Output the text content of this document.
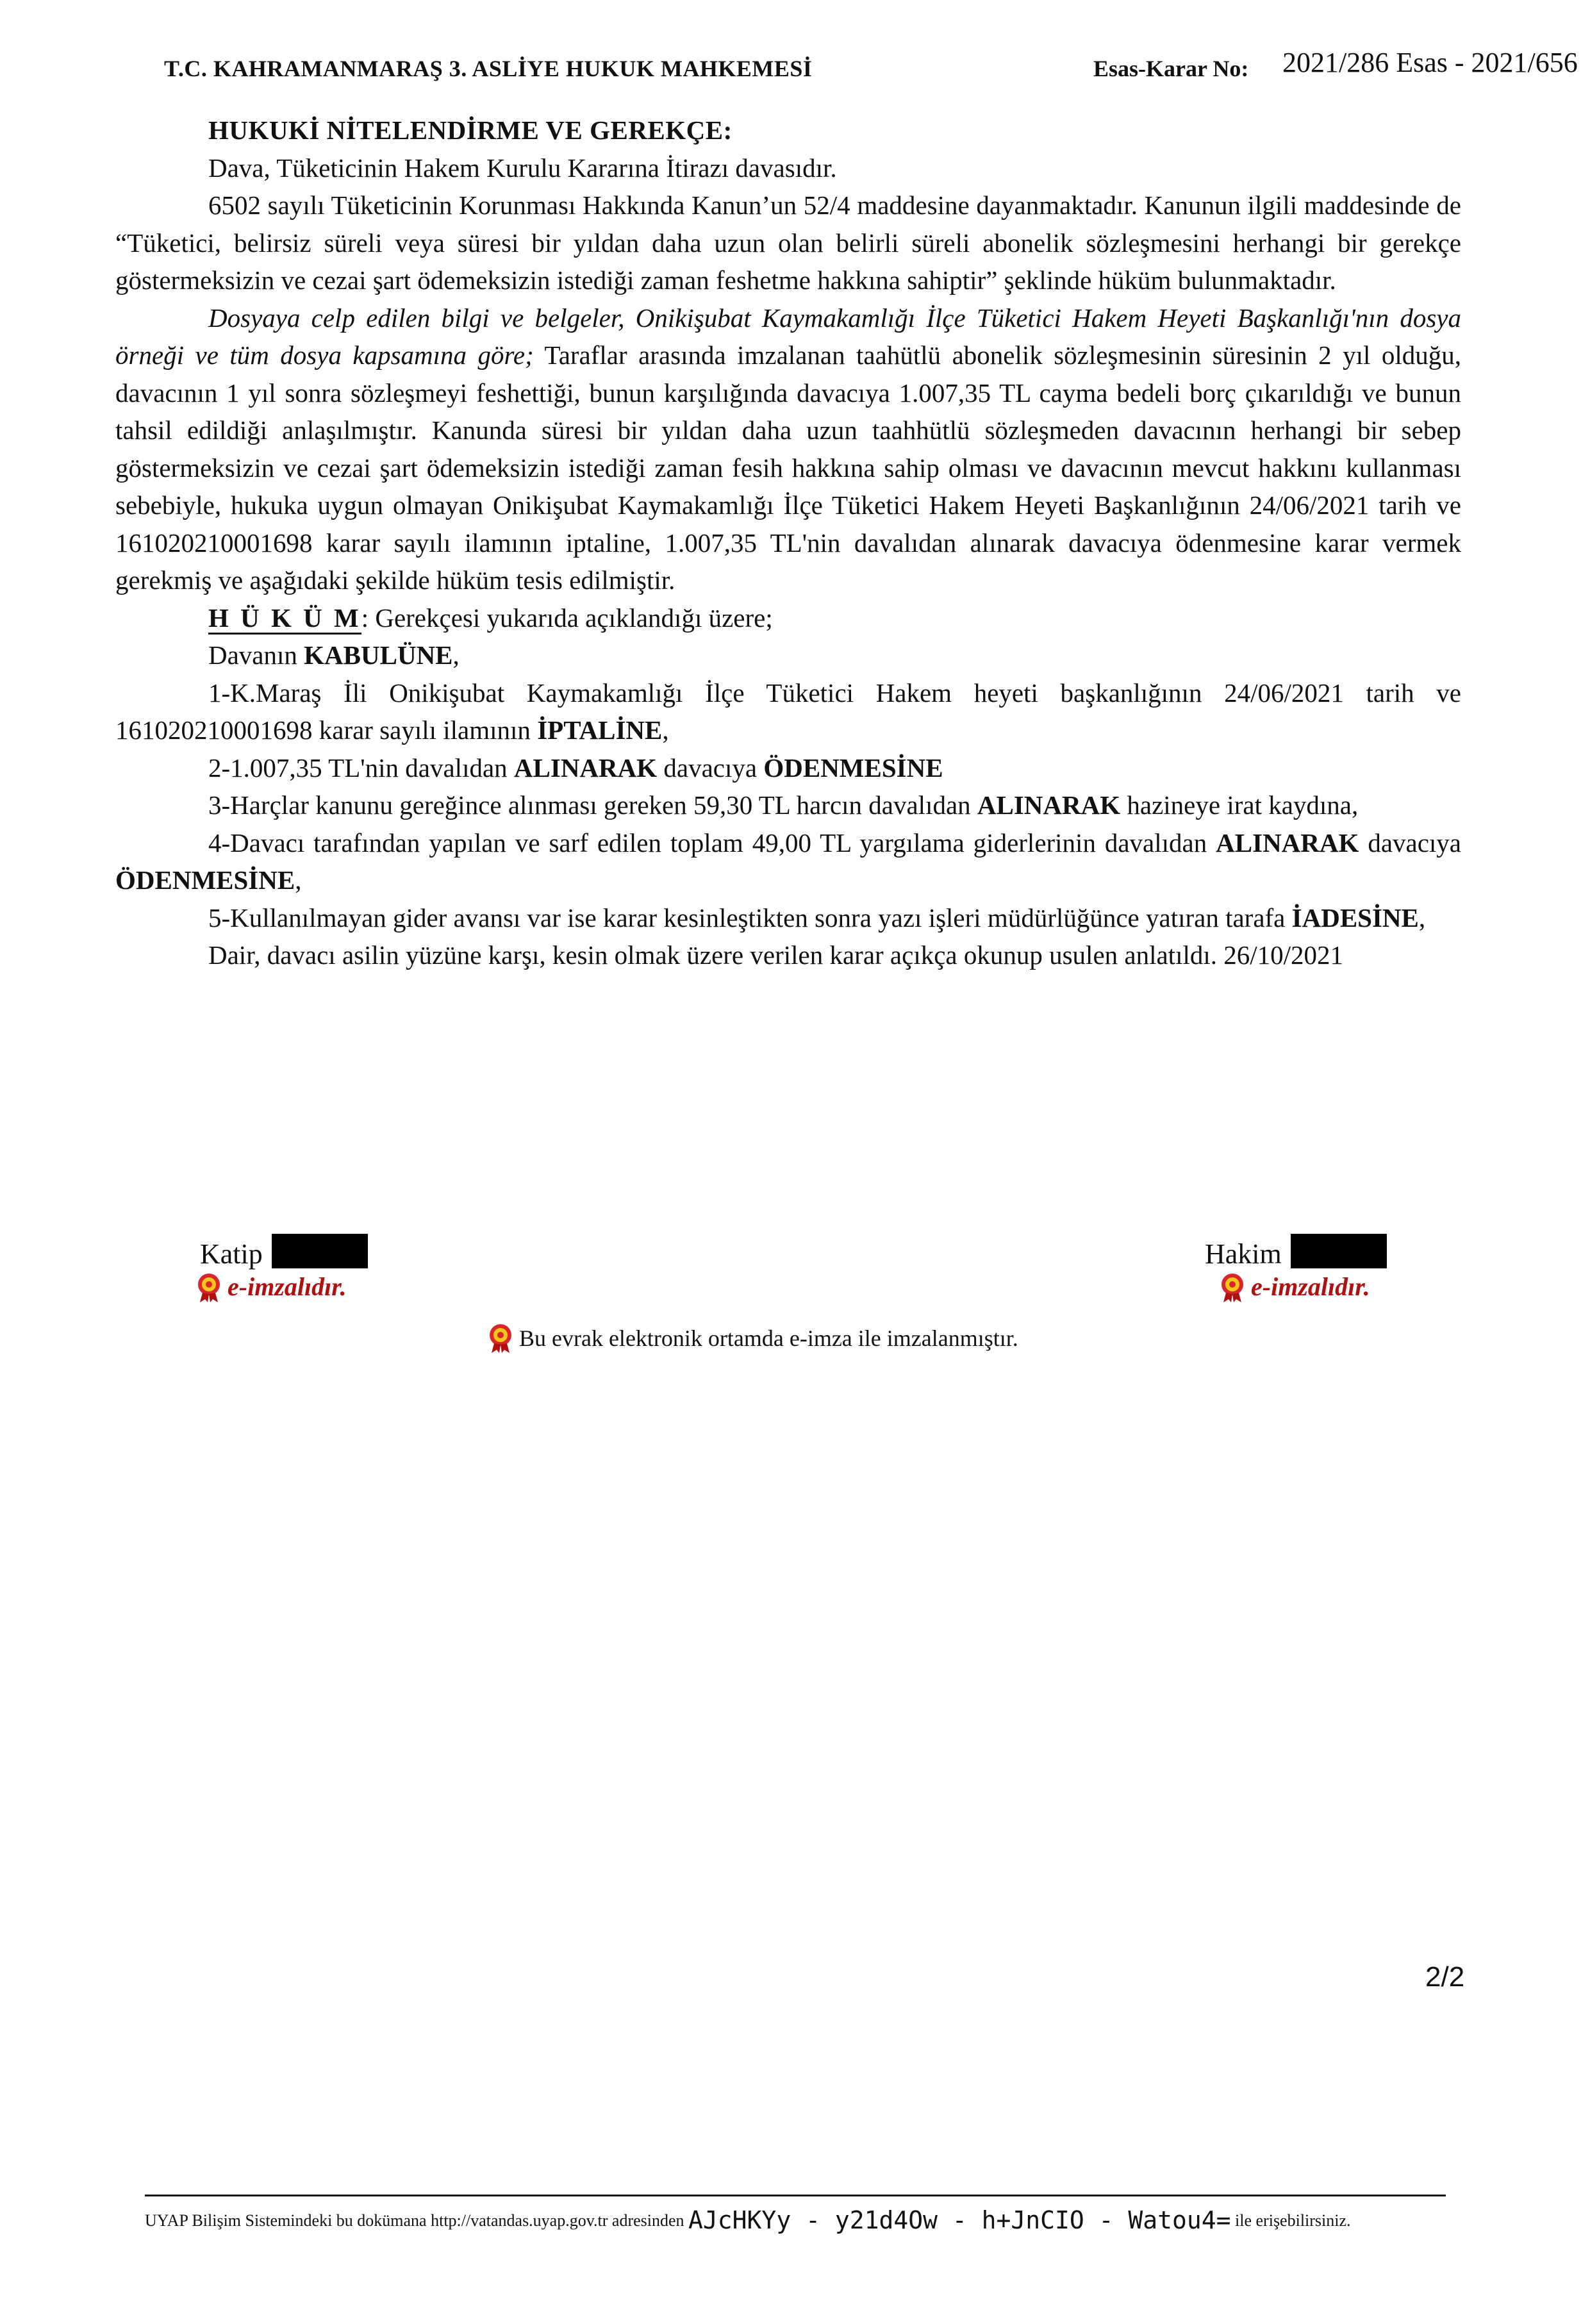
T.C. KAHRAMANMARAŞ 3. ASLİYE HUKUK MAHKEMESİ	Esas-Karar No: 2021/286 Esas - 2021/656

HUKUKİ NİTELENDİRME VE GEREKÇE:

Dava, Tüketicinin Hakem Kurulu Kararına İtirazı davasıdır.

6502 sayılı Tüketicinin Korunması Hakkında Kanun’un 52/4 maddesine dayanmaktadır. Kanunun ilgili maddesinde de “Tüketici, belirsiz süreli veya süresi bir yıldan daha uzun olan belirli süreli abonelik sözleşmesini herhangi bir gerekçe göstermeksizin ve cezai şart ödemeksizin istediği zaman feshetme hakkına sahiptir” şeklinde hüküm bulunmaktadır.

Dosyaya celp edilen bilgi ve belgeler, Onikişubat Kaymakamlığı İlçe Tüketici Hakem Heyeti Başkanlığı'nın dosya örneği ve tüm dosya kapsamına göre; Taraflar arasında imzalanan taahütlü abonelik sözleşmesinin süresinin 2 yıl olduğu, davacının 1 yıl sonra sözleşmeyi feshettiği, bunun karşılığında davacıya 1.007,35 TL cayma bedeli borç çıkarıldığı ve bunun tahsil edildiği anlaşılmıştır. Kanunda süresi bir yıldan daha uzun taahhütlü sözleşmeden davacının herhangi bir sebep göstermeksizin ve cezai şart ödemeksizin istediği zaman fesih hakkına sahip olması ve davacının mevcut hakkını kullanması sebebiyle, hukuka uygun olmayan Onikişubat Kaymakamlığı İlçe Tüketici Hakem Heyeti Başkanlığının 24/06/2021 tarih ve 161020210001698 karar sayılı ilamının iptaline, 1.007,35 TL'nin davalıdan alınarak davacıya ödenmesine karar vermek gerekmiş ve aşağıdaki şekilde hüküm tesis edilmiştir.

H Ü K Ü M: Gerekçesi yukarıda açıklandığı üzere;

Davanın KABULÜNE,

1-K.Maraş İli Onikişubat Kaymakamlığı İlçe Tüketici Hakem heyeti başkanlığının 24/06/2021 tarih ve 161020210001698 karar sayılı ilamının İPTALİNE,

2-1.007,35 TL'nin davalıdan ALINARAK davacıya ÖDENMESİNE

3-Harçlar kanunu gereğince alınması gereken 59,30 TL harcın davalıdan ALINARAK hazineye irat kaydına,

4-Davacı tarafından yapılan ve sarf edilen toplam 49,00 TL yargılama giderlerinin davalıdan ALINARAK davacıya ÖDENMESİNE,

5-Kullanılmayan gider avansı var ise karar kesinleştikten sonra yazı işleri müdürlüğünce yatıran tarafa İADESİNE,

Dair, davacı asilin yüzüne karşı, kesin olmak üzere verilen karar açıkça okunup usulen anlatıldı. 26/10/2021

Katip
e-imzalıdır.
Hakim
e-imzalıdır.
Bu evrak elektronik ortamda e-imza ile imzalanmıştır.
2/2
UYAP Bilişim Sistemindeki bu dokümana http://vatandas.uyap.gov.tr adresinden AJcHKYy - y21d4Ow - h+JnCIO - Watou4= ile erişebilirsiniz.
